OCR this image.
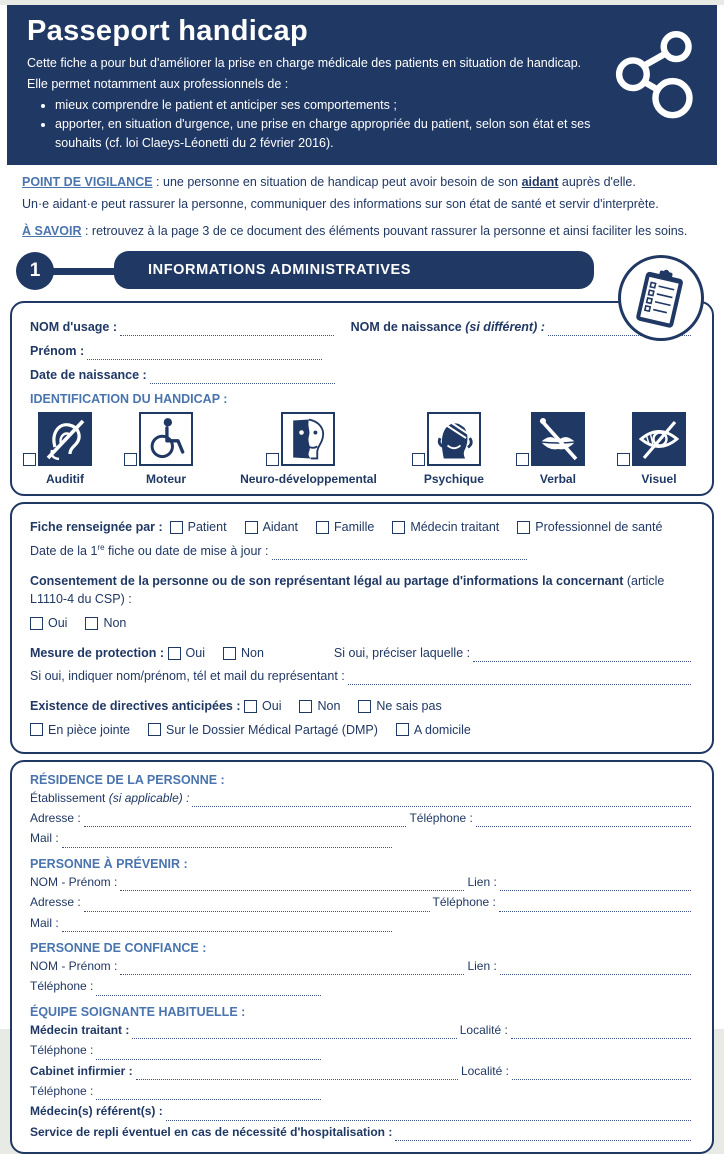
Passeport handicap

Cette fiche a pour but d'améliorer la prise en charge médicale des patients en situation de handicap.

Elle permet notamment aux professionnels de :

• mieux comprendre le patient et anticiper ses comportements ;
• apporter, en situation d'urgence, une prise en charge appropriée du patient, selon son état et ses souhaits (cf. loi Claeys-Léonetti du 2 février 2016).

POINT DE VIGILANCE : une personne en situation de handicap peut avoir besoin de son aidant auprès d'elle.

Un·e aidant·e peut rassurer la personne, communiquer des informations sur son état de santé et servir d'interprète.

À SAVOIR : retrouvez à la page 3 de ce document des éléments pouvant rassurer la personne et ainsi faciliter les soins.

1	INFORMATIONS ADMINISTRATIVES
NOM d'usage :	NOM de naissance
(si différent) :
Prénom :
Date de naissance :
IDENTIFICATION DU HANDICAP :
Auditif	Moteur	Neuro-développemental	Psychique	Verbal	Visuel
Fiche renseignée par :
	Patient	Aidant	Famille	Médecin traitant	Professionnel de santé
Date de la 1re fiche ou date de mise à jour :
Consentement de la personne ou de son représentant légal au partage d'informations la concernant (article L1110-4 du CSP) :
Oui	Non
Mesure de protection :
	Oui	Non	Si oui, préciser laquelle :
Si oui, indiquer nom/prénom, tél et mail du représentant :
Existence de directives anticipées :
	Oui	Non	Ne sais pas
En pièce jointe	Sur le Dossier Médical Partagé (DMP)	A domicile
RÉSIDENCE DE LA PERSONNE :
Établissement
(si applicable) :
Adresse :	Téléphone :
Mail :
PERSONNE À PRÉVENIR :
NOM - Prénom :	Lien :
Adresse :	Téléphone :
Mail :
PERSONNE DE CONFIANCE :
NOM - Prénom :	Lien :
Téléphone :
ÉQUIPE SOIGNANTE HABITUELLE :
Médecin traitant :	Localité :
Téléphone :
Cabinet infirmier :	Localité :
Téléphone :
Médecin(s) référent(s) :
Service de repli éventuel en cas de nécessité d'hospitalisation :
